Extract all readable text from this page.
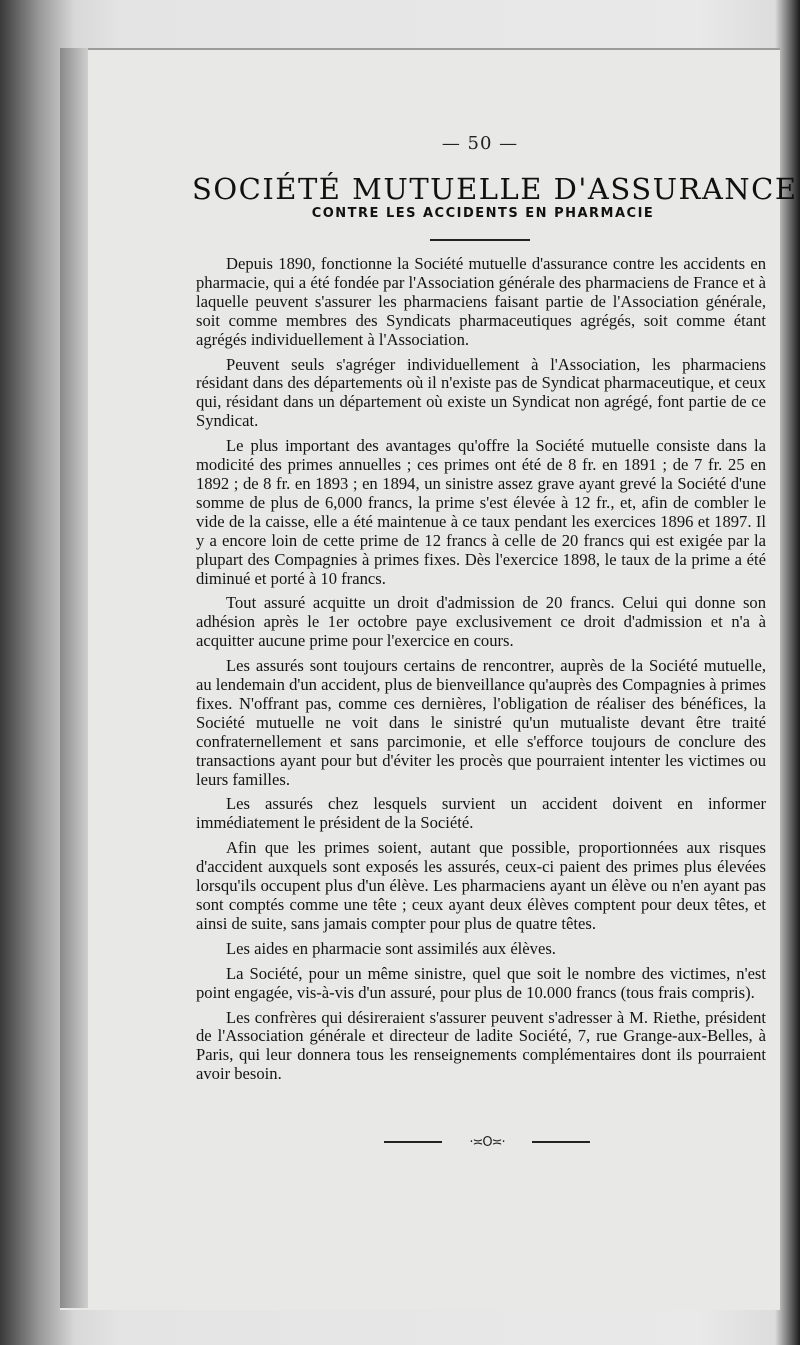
— 50 —
SOCIÉTÉ MUTUELLE D'ASSURANCE
CONTRE LES ACCIDENTS EN PHARMACIE

Depuis 1890, fonctionne la Société mutuelle d'assurance contre les accidents en pharmacie, qui a été fondée par l'Association générale des pharmaciens de France et à laquelle peuvent s'assurer les pharmaciens faisant partie de l'Association générale, soit comme membres des Syndicats pharmaceutiques agrégés, soit comme étant agrégés individuellement à l'Association.

Peuvent seuls s'agréger individuellement à l'Association, les pharmaciens résidant dans des départements où il n'existe pas de Syndicat pharmaceutique, et ceux qui, résidant dans un département où existe un Syndicat non agrégé, font partie de ce Syndicat.

Le plus important des avantages qu'offre la Société mutuelle consiste dans la modicité des primes annuelles ; ces primes ont été de 8 fr. en 1891 ; de 7 fr. 25 en 1892 ; de 8 fr. en 1893 ; en 1894, un sinistre assez grave ayant grevé la Société d'une somme de plus de 6,000 francs, la prime s'est élevée à 12 fr., et, afin de combler le vide de la caisse, elle a été maintenue à ce taux pendant les exercices 1896 et 1897. Il y a encore loin de cette prime de 12 francs à celle de 20 francs qui est exigée par la plupart des Compagnies à primes fixes. Dès l'exercice 1898, le taux de la prime a été diminué et porté à 10 francs.

Tout assuré acquitte un droit d'admission de 20 francs. Celui qui donne son adhésion après le 1er octobre paye exclusivement ce droit d'admission et n'a à acquitter aucune prime pour l'exercice en cours.

Les assurés sont toujours certains de rencontrer, auprès de la Société mutuelle, au lendemain d'un accident, plus de bienveillance qu'auprès des Compagnies à primes fixes. N'offrant pas, comme ces dernières, l'obligation de réaliser des bénéfices, la Société mutuelle ne voit dans le sinistré qu'un mutualiste devant être traité confraternellement et sans parcimonie, et elle s'efforce toujours de conclure des transactions ayant pour but d'éviter les procès que pourraient intenter les victimes ou leurs familles.

Les assurés chez lesquels survient un accident doivent en informer immédiatement le président de la Société.

Afin que les primes soient, autant que possible, proportionnées aux risques d'accident auxquels sont exposés les assurés, ceux-ci paient des primes plus élevées lorsqu'ils occupent plus d'un élève. Les pharmaciens ayant un élève ou n'en ayant pas sont comptés comme une tête ; ceux ayant deux élèves comptent pour deux têtes, et ainsi de suite, sans jamais compter pour plus de quatre têtes.

Les aides en pharmacie sont assimilés aux élèves.

La Société, pour un même sinistre, quel que soit le nombre des victimes, n'est point engagée, vis-à-vis d'un assuré, pour plus de 10.000 francs (tous frais compris).

Les confrères qui désireraient s'assurer peuvent s'adresser à M. Riethe, président de l'Association générale et directeur de ladite Société, 7, rue Grange-aux-Belles, à Paris, qui leur donnera tous les renseignements complémentaires dont ils pourraient avoir besoin.

·≍O≍·
